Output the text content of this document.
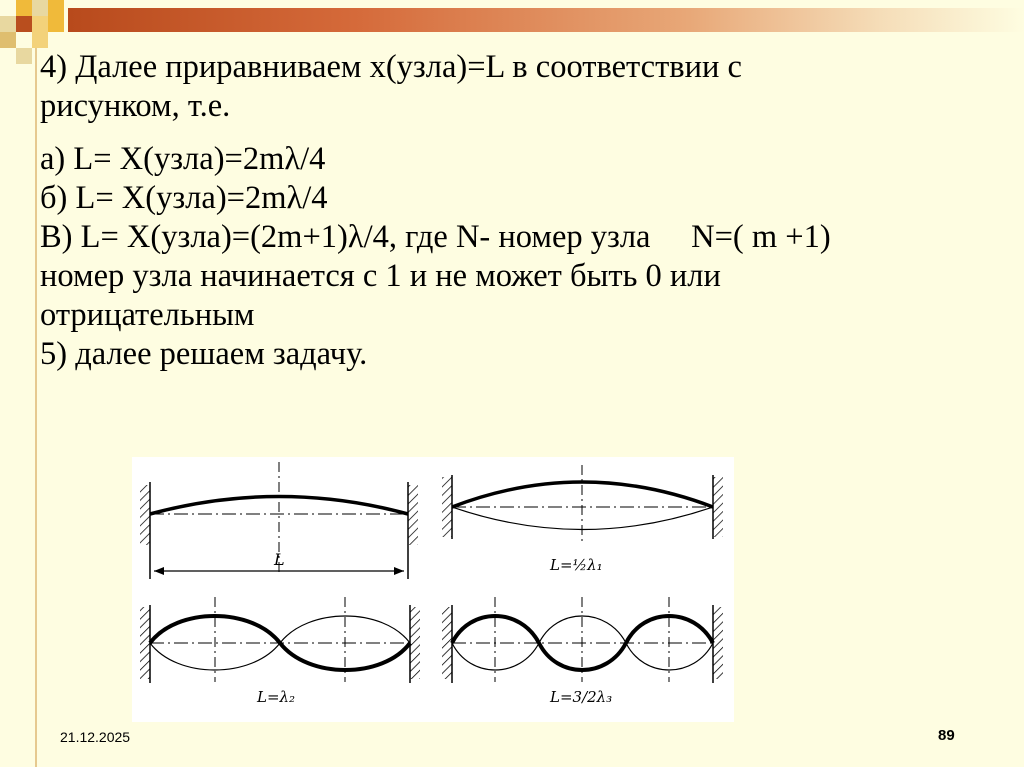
4) Далее приравниваем х(узла)=L в соответствии с

рисунком, т.е.

а) L= X(узла)=2mλ/4

б) L= X(узла)=2mλ/4

В) L= X(узла)=(2m+1)λ/4, где N- номер узла     N=( m +1)

номер узла начинается с 1 и не может быть 0 или

отрицательным

5) далее решаем задачу.

L	L=½λ₁
L=λ₂	L=3/2λ₃
21.12.2025	89
